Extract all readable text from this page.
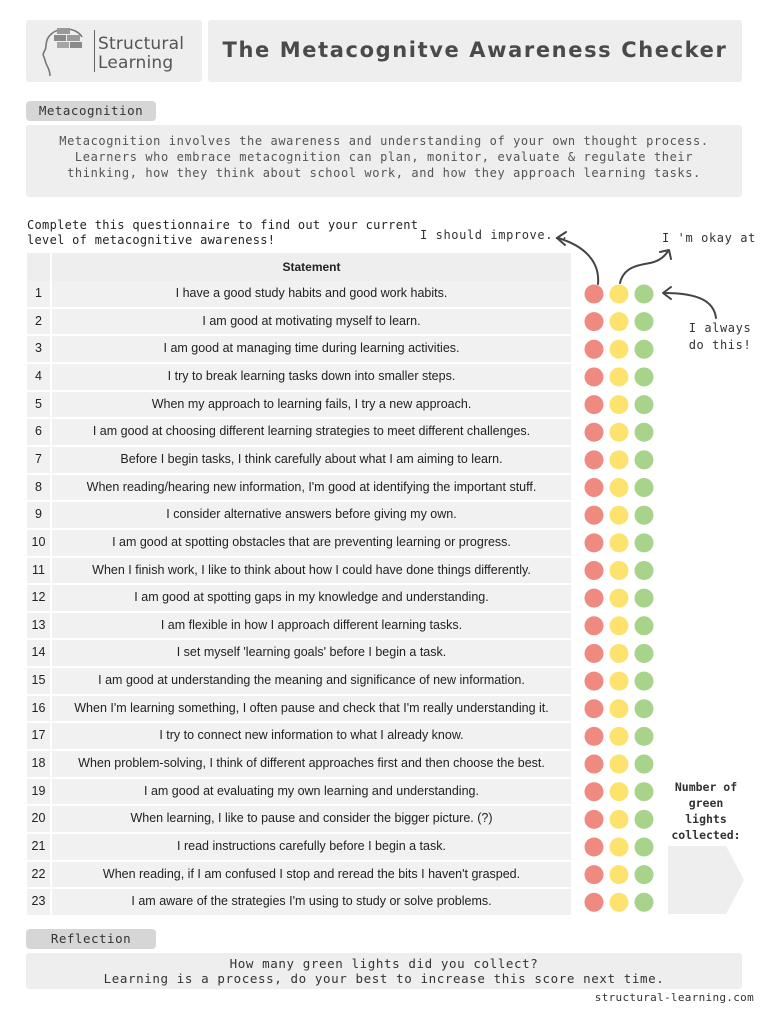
Structural
Learning
The Metacognitve Awareness Checker
Metacognition
Metacognition involves the awareness and understanding of your own thought process. Learners who embrace metacognition can plan, monitor, evaluate & regulate their thinking, how they think about school work, and how they approach learning tasks.
Complete this questionnaire to find out your current level of metacognitive awareness!	I should improve...	I 'm okay at
I always
do this!
Statement
1	I have a good study habits and good work habits.
2	I am good at motivating myself to learn.
3	I am good at managing time during learning activities.
4	I try to break learning tasks down into smaller steps.
5	When my approach to learning fails, I try a new approach.
6	I am good at choosing different learning strategies to meet different challenges.
7	Before I begin tasks, I think carefully about what I am aiming to learn.
8	When reading/hearing new information, I'm good at identifying the important stuff.
9	I consider alternative answers before giving my own.
10	I am good at spotting obstacles that are preventing learning or progress.
11	When I finish work, I like to think about how I could have done things differently.
12	I am good at spotting gaps in my knowledge and understanding.
13	I am flexible in how I approach different learning tasks.
14	I set myself 'learning goals' before I begin a task.
15	I am good at understanding the meaning and significance of new information.
16	When I'm learning something, I often pause and check that I'm really understanding it.
17	I try to connect new information to what I already know.
18	When problem-solving, I think of different approaches first and then choose the best.
19	I am good at evaluating my own learning and understanding.
20	When learning, I like to pause and consider the bigger picture. (?)
21	I read instructions carefully before I begin a task.
22	When reading, if I am confused I stop and reread the bits I haven't grasped.
23	I am aware of the strategies I'm using to study or solve problems.
Number of
green
lights
collected:
Reflection
How many green lights did you collect?
Learning is a process, do your best to increase this score next time.
structural-learning.com
